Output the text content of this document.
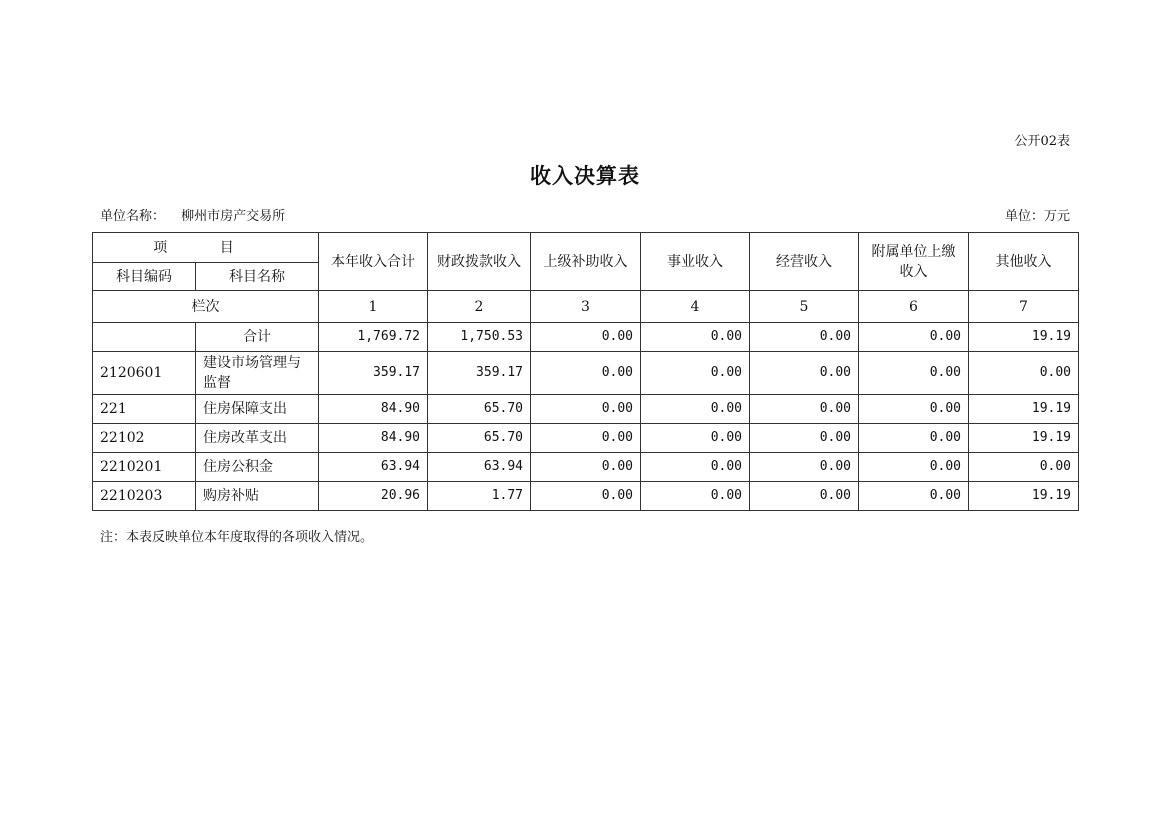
公开02表
收入决算表
单位名称： 柳州市房产交易所	单位：万元
项 目		本年收入合计	财政拨款收入	上级补助收入	事业收入	经营收入	附属单位上缴收入	其他收入
科目编码	科目名称							
栏次		1	2	3	4	5	6	7
	合计	1,769.72	1,750.53	0.00	0.00	0.00	0.00	19.19
2120601	建设市场管理与监督	359.17	359.17	0.00	0.00	0.00	0.00	0.00
221	住房保障支出	84.90	65.70	0.00	0.00	0.00	0.00	19.19
22102	住房改革支出	84.90	65.70	0.00	0.00	0.00	0.00	19.19
2210201	住房公积金	63.94	63.94	0.00	0.00	0.00	0.00	0.00
2210203	购房补贴	20.96	1.77	0.00	0.00	0.00	0.00	19.19
注：本表反映单位本年度取得的各项收入情况。
